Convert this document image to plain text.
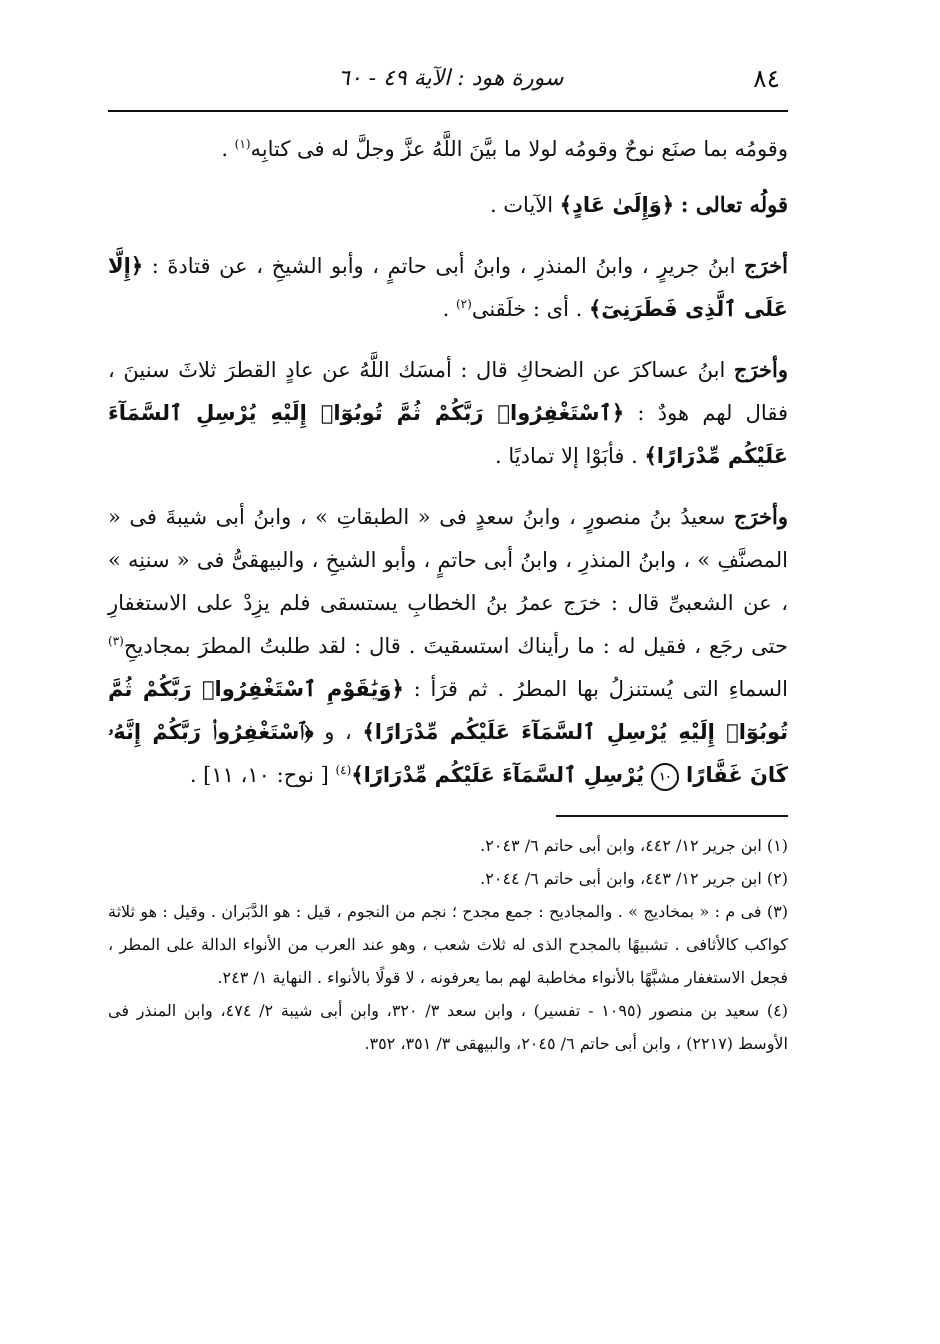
٨٤
سورة هود : الآية ٤٩ - ٦٠

وقومُه بما صنَع نوحٌ وقومُه لولا ما بيَّنَ اللَّهُ عزَّ وجلَّ له فى كتابِه$^{(١)}$ .

قولُه تعالى : ﴿وَإِلَىٰ عَادٍ﴾ الآيات .

أخرَج ابنُ جريرٍ ، وابنُ المنذرِ ، وابنُ أبى حاتمٍ ، وأبو الشيخِ ، عن قتادةَ : ﴿إِلَّا عَلَى ٱلَّذِى فَطَرَنِىٓ﴾ . أى : خلَقنى$^{(٢)}$ .

وأخرَج ابنُ عساكرَ عن الضحاكِ قال : أمسَك اللَّهُ عن عادٍ القطرَ ثلاثَ سنينَ ، فقال لهم هودٌ : ﴿ٱسْتَغْفِرُوا۟ رَبَّكُمْ ثُمَّ تُوبُوٓا۟ إِلَيْهِ يُرْسِلِ ٱلسَّمَآءَ عَلَيْكُم مِّدْرَارًا﴾ . فأبَوْا إلا تماديًا .

وأخرَج سعيدُ بنُ منصورٍ ، وابنُ سعدٍ فى « الطبقاتِ » ، وابنُ أبى شيبةَ فى « المصنَّفِ » ، وابنُ المنذرِ ، وابنُ أبى حاتمٍ ، وأبو الشيخِ ، والبيهقىُّ فى « سننِه » ، عن الشعبىِّ قال : خرَج عمرُ بنُ الخطابِ يستسقى فلم يزِدْ على الاستغفارِ حتى رجَع ، فقيل له : ما رأيناك استسقيتَ . قال : لقد طلبتُ المطرَ بمجاديحِ$^{(٣)}$ السماءِ التى يُستنزلُ بها المطرُ . ثم قرَأ : ﴿وَيَٰقَوْمِ ٱسْتَغْفِرُوا۟ رَبَّكُمْ ثُمَّ تُوبُوٓا۟ إِلَيْهِ يُرْسِلِ ٱلسَّمَآءَ عَلَيْكُم مِّدْرَارًا﴾ ، و ﴿ٱسْتَغْفِرُوا۟ رَبَّكُمْ إِنَّهُۥ كَانَ غَفَّارًا ١٠ يُرْسِلِ ٱلسَّمَآءَ عَلَيْكُم مِّدْرَارًا﴾$^{(٤)}$ [ نوح: ١٠، ١١] .

(١) ابن جرير ١٢/ ٤٤٢، وابن أبى حاتم ٦/ ٢٠٤٣.

(٢) ابن جرير ١٢/ ٤٤٣، وابن أبى حاتم ٦/ ٢٠٤٤.

(٣) فى م : « بمخاديج » . والمجاديح : جمع مجدح ؛ نجم من النجوم ، قيل : هو الدَّبَران . وقيل : هو ثلاثة كواكب كالأثافى . تشبيهًا بالمجدح الذى له ثلاث شعب ، وهو عند العرب من الأنواء الدالة على المطر ، فجعل الاستغفار مشبَّهًا بالأنواء مخاطبة لهم بما يعرفونه ، لا قولًا بالأنواء . النهاية ١/ ٢٤٣.

(٤) سعيد بن منصور (١٠٩٥ - تفسير) ، وابن سعد ٣/ ٣٢٠، وابن أبى شيبة ٢/ ٤٧٤، وابن المنذر فى الأوسط (٢٢١٧) ، وابن أبى حاتم ٦/ ٢٠٤٥، والبيهقى ٣/ ٣٥١، ٣٥٢.
